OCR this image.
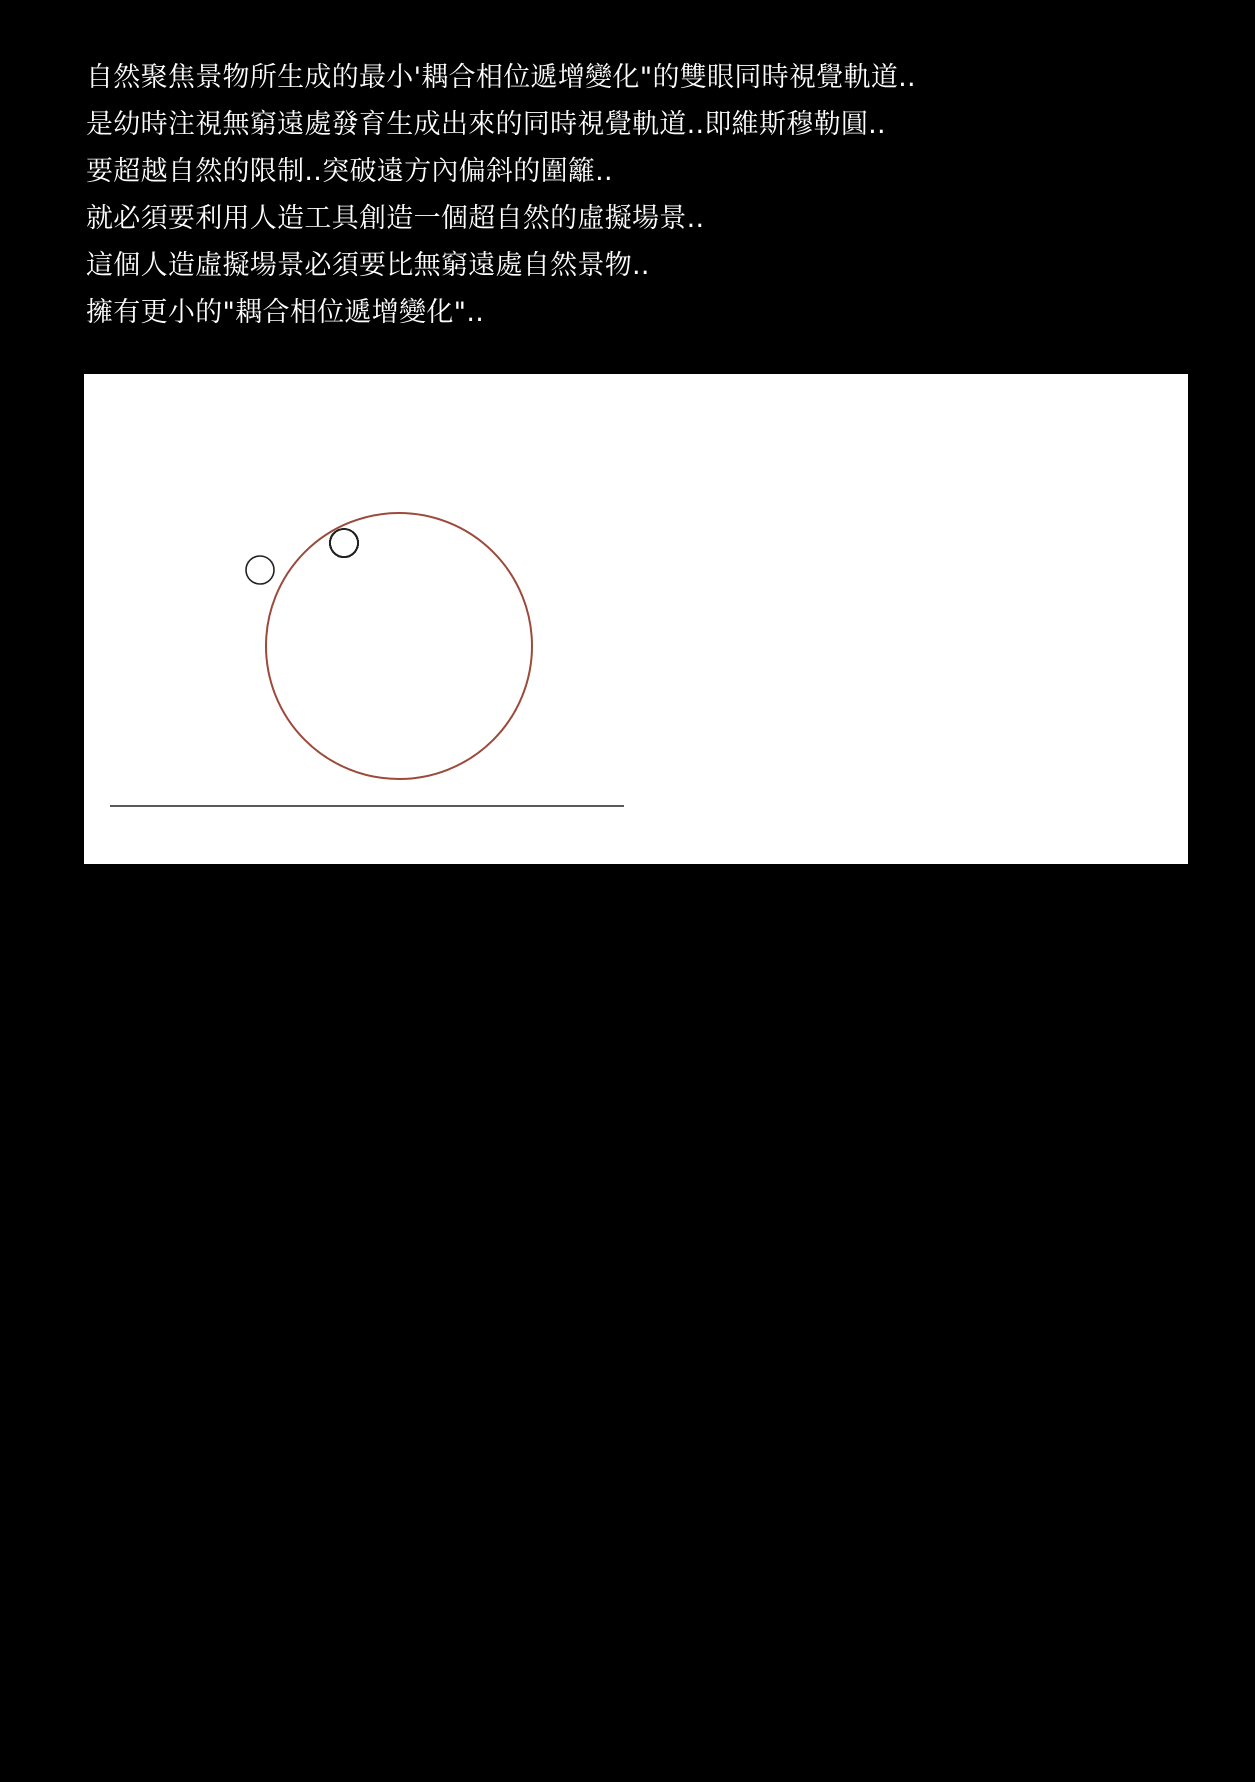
自然聚焦景物所生成的最小'耦合相位遞增變化"的雙眼同時視覺軌道..
是幼時注視無窮遠處發育生成出來的同時視覺軌道..即維斯穆勒圓..
要超越自然的限制..突破遠方內偏斜的圍籬..
就必須要利用人造工具創造一個超自然的虛擬場景..
這個人造虛擬場景必須要比無窮遠處自然景物..
擁有更小的"耦合相位遞增變化"..
